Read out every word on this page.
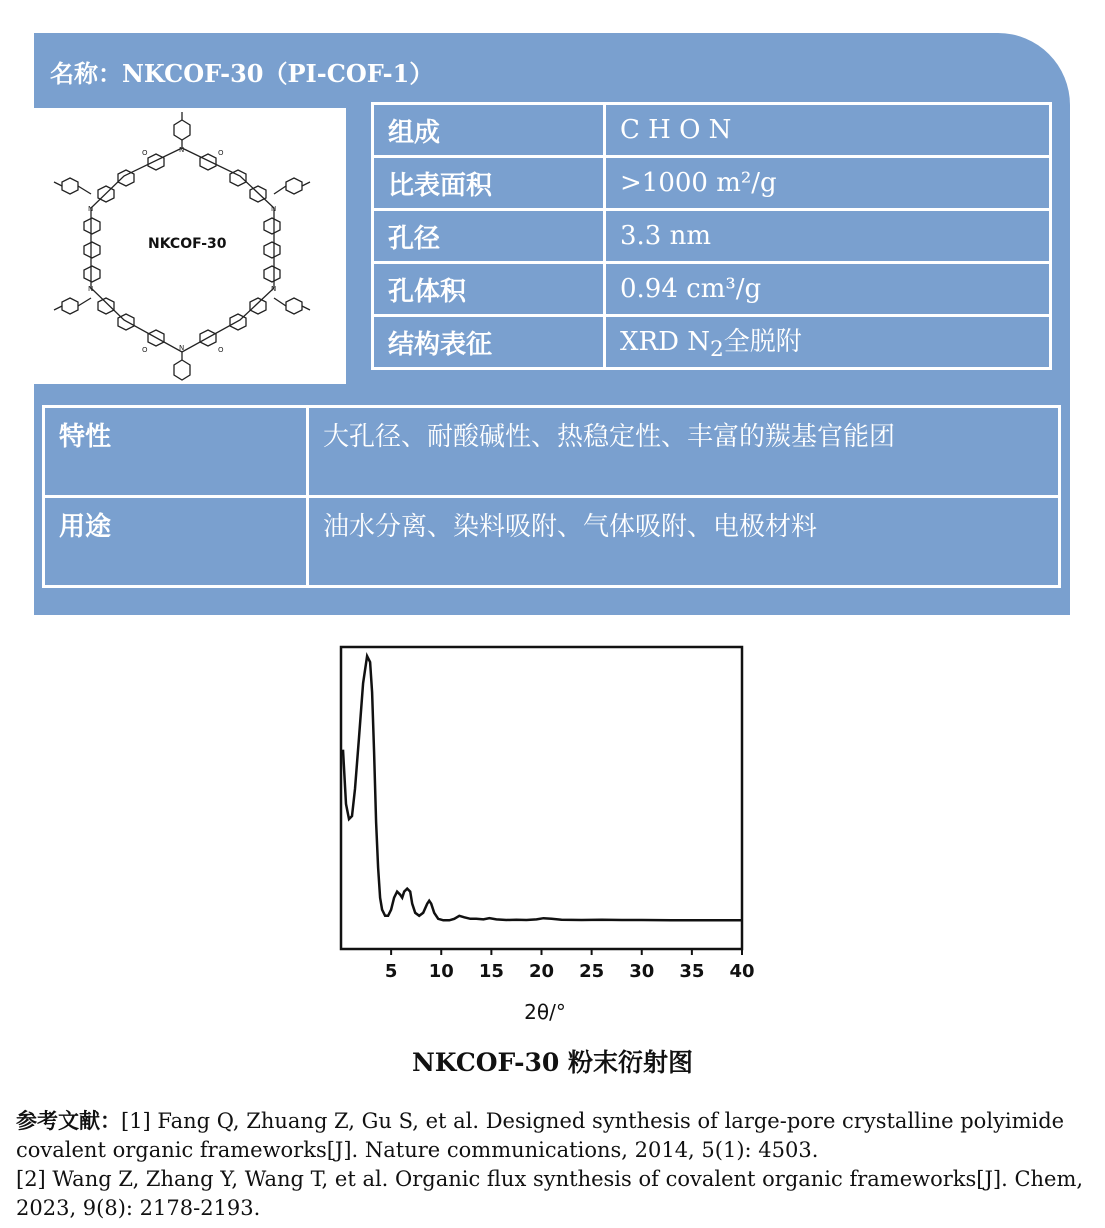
名称：NKCOF-30（PI-COF-1）
N
N
N	N
N	N
O	O
O	O
NKCOF-30
组成	C H O N
比表面积	>1000 m²/g
孔径	3.3 nm
孔体积	0.94 cm³/g
结构表征	XRD $N_2$全脱附
特性	大孔径、耐酸碱性、热稳定性、丰富的羰基官能团
用途	油水分离、染料吸附、气体吸附、电极材料
5 10 15 20 25 30 35 40
2θ/°
NKCOF-30 粉末衍射图
参考文献：[1] Fang Q, Zhuang Z, Gu S, et al. Designed synthesis of large-pore crystalline polyimide covalent organic frameworks[J]. Nature communications, 2014, 5(1): 4503.
[2] Wang Z, Zhang Y, Wang T, et al. Organic flux synthesis of covalent organic frameworks[J]. Chem, 2023, 9(8): 2178-2193.
